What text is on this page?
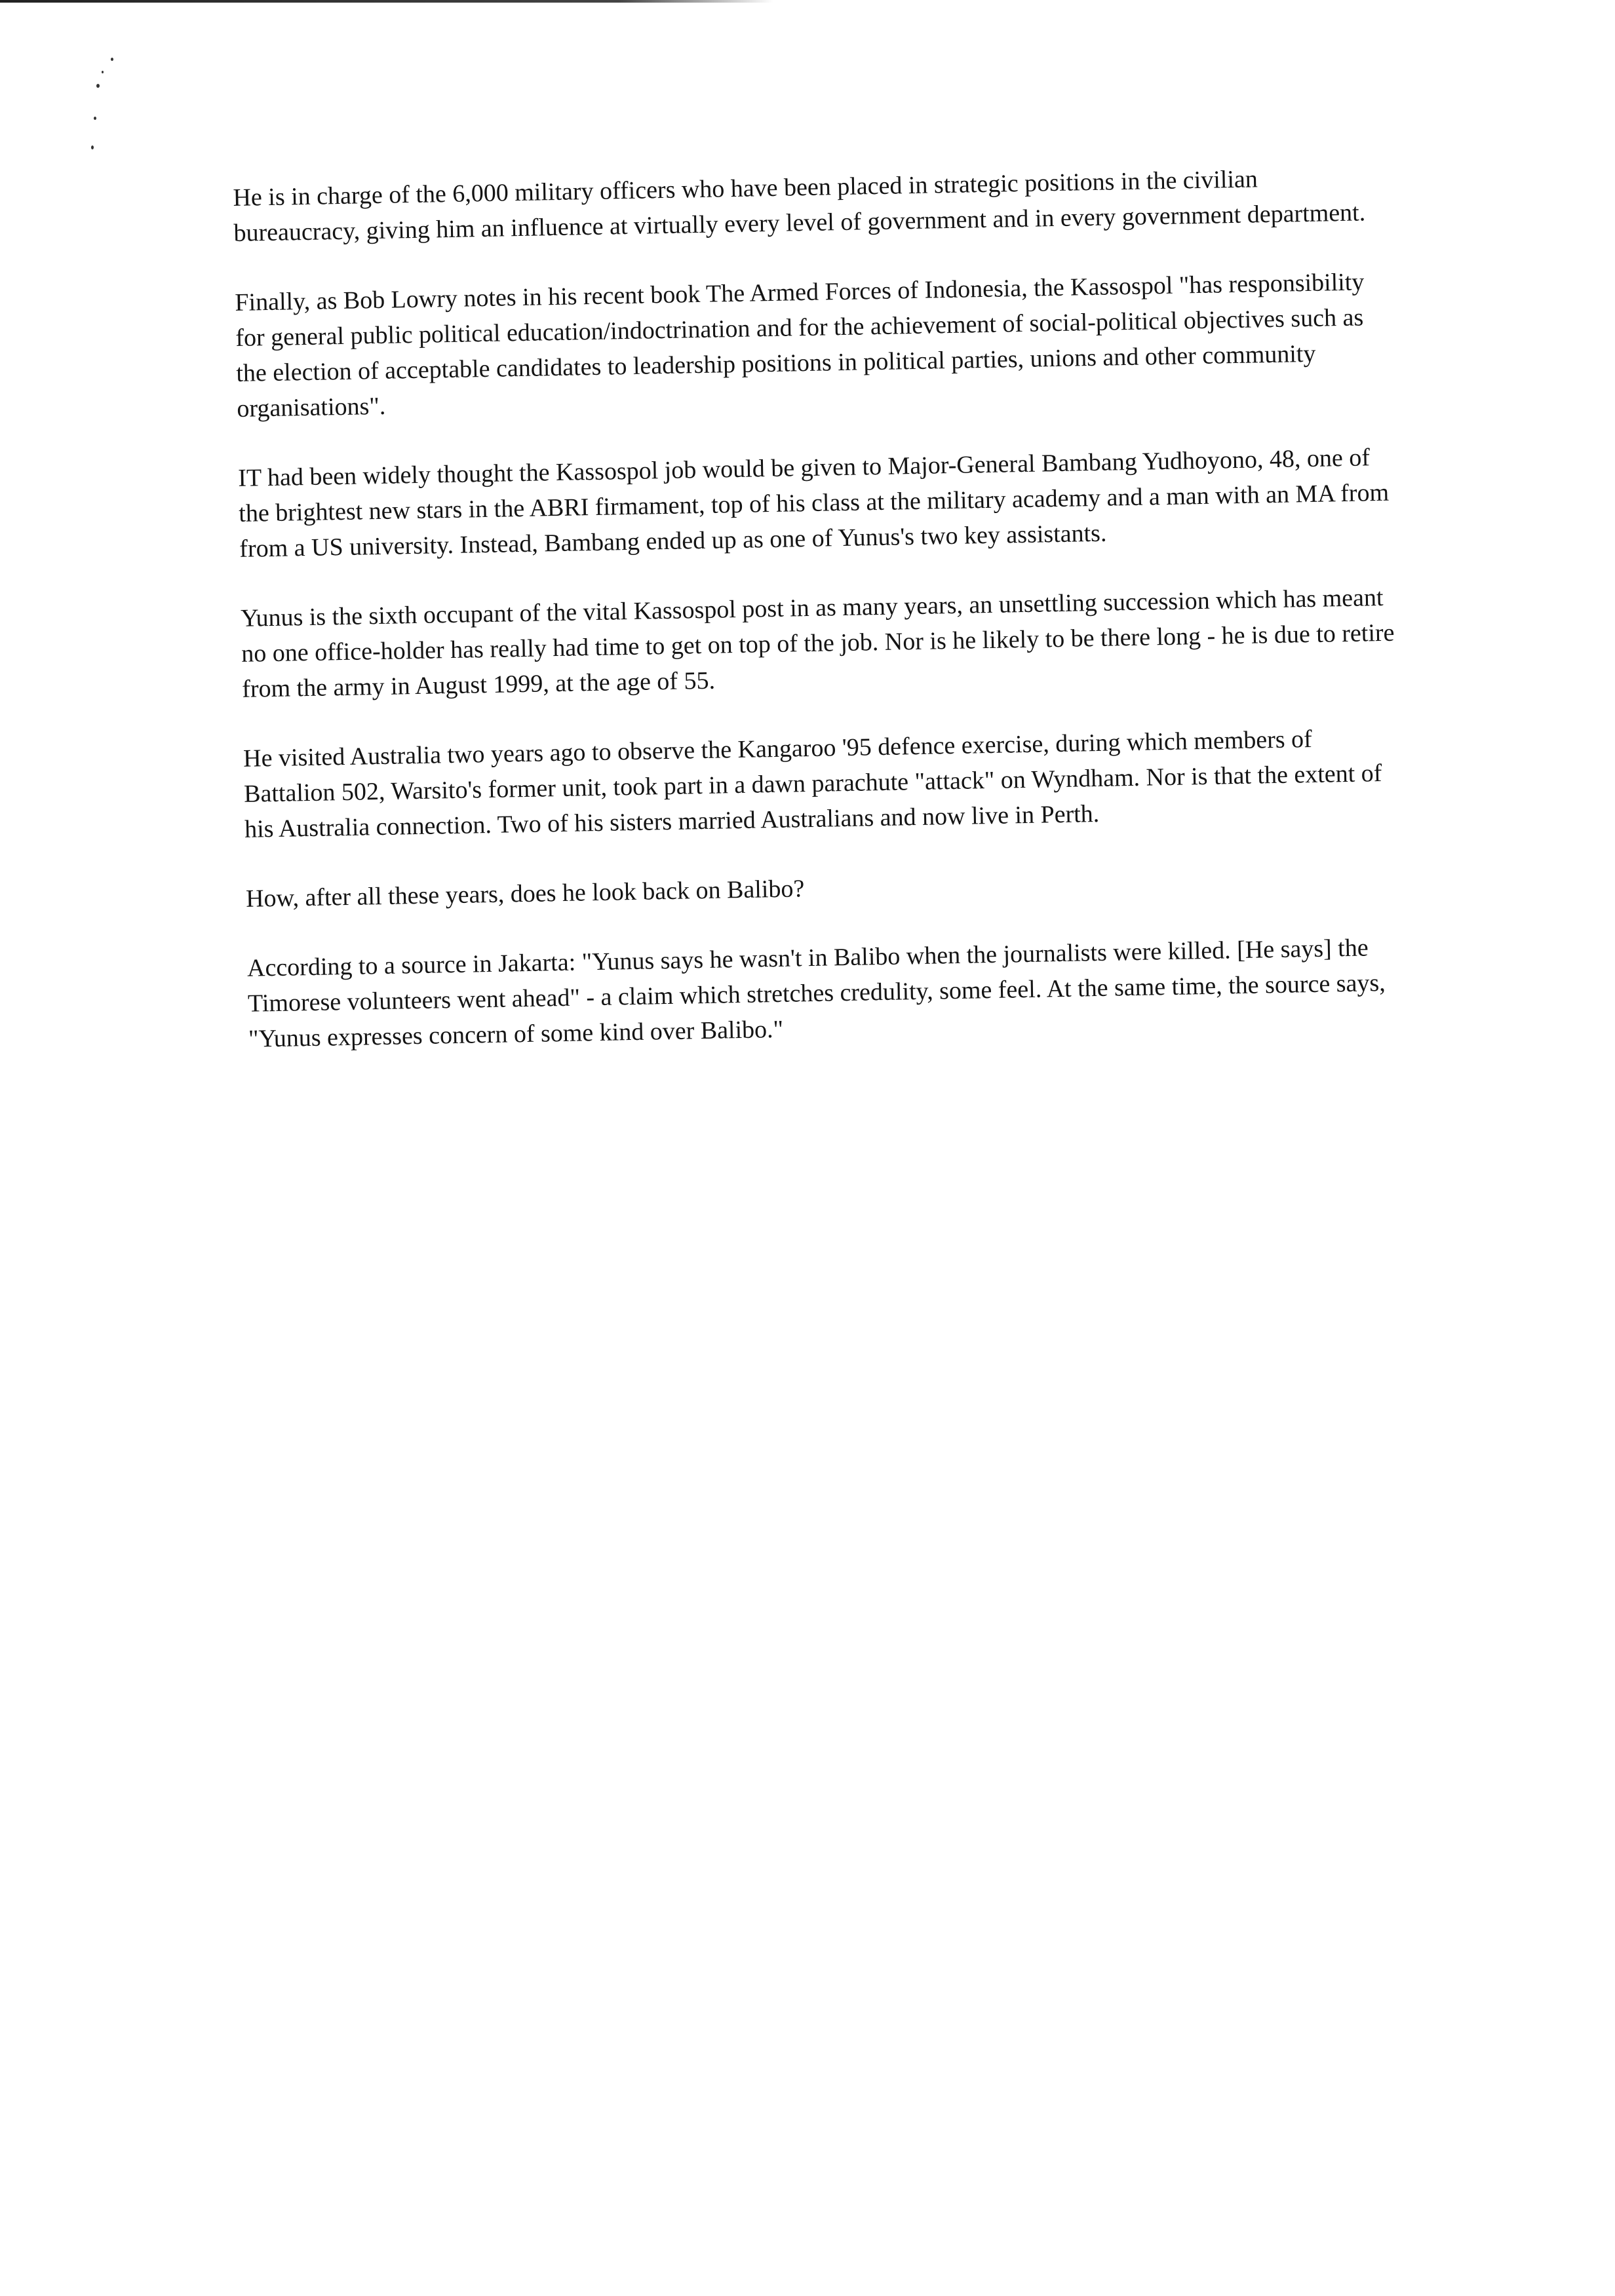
He is in charge of the 6,000 military officers who have been placed in strategic positions in the civilian bureaucracy, giving him an influence at virtually every level of government and in every government department.

Finally, as Bob Lowry notes in his recent book The Armed Forces of Indonesia, the Kassospol "has responsibility for general public political education/indoctrination and for the achievement of social-political objectives such as the election of acceptable candidates to leadership positions in political parties, unions and other community organisations".

IT had been widely thought the Kassospol job would be given to Major-General Bambang Yudhoyono, 48, one of the brightest new stars in the ABRI firmament, top of his class at the military academy and a man with an MA from from a US university. Instead, Bambang ended up as one of Yunus's two key assistants.

Yunus is the sixth occupant of the vital Kassospol post in as many years, an unsettling succession which has meant no one office-holder has really had time to get on top of the job. Nor is he likely to be there long - he is due to retire from the army in August 1999, at the age of 55.

He visited Australia two years ago to observe the Kangaroo '95 defence exercise, during which members of Battalion 502, Warsito's former unit, took part in a dawn parachute "attack" on Wyndham. Nor is that the extent of his Australia connection. Two of his sisters married Australians and now live in Perth.

How, after all these years, does he look back on Balibo?

According to a source in Jakarta: "Yunus says he wasn't in Balibo when the journalists were killed. [He says] the Timorese volunteers went ahead" - a claim which stretches credulity, some feel. At the same time, the source says, "Yunus expresses concern of some kind over Balibo."
